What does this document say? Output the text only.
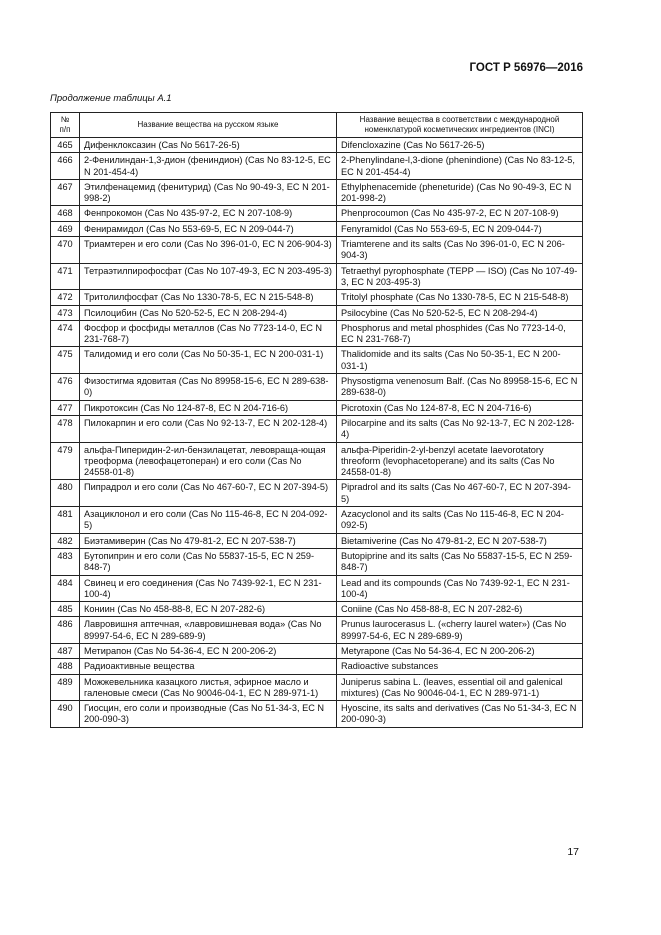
ГОСТ Р 56976—2016
Продолжение таблицы А.1
№
п/п	Название вещества на русском языке	Название вещества в соответствии с международной номенклатурой косметических ингредиентов (INCI)
465	Дифенклоксазин (Cas No 5617-26-5)	Difencloxazine (Cas No 5617-26-5)
466	2-Фенилиндан-1,3-дион (фениндион) (Cas No 83-12-5, EC N 201-454-4)	2-Phenylindane-l,3-dione (phenindione) (Cas No 83-12-5, EC N 201-454-4)
467	Этилфенацемид (фенитурид) (Cas No 90-49-3, EC N 201-998-2)	Ethylphenacemide (pheneturide) (Cas No 90-49-3, EC N 201-998-2)
468	Фенпрокомон (Cas No 435-97-2, EC N 207-108-9)	Phenprocoumon (Cas No 435-97-2, EC N 207-108-9)
469	Фенирамидол (Cas No 553-69-5, EC N 209-044-7)	Fenyramidol (Cas No 553-69-5, EC N 209-044-7)
470	Триамтерен и его соли (Cas No 396-01-0, EC N 206-904-3)	Triamterene and its salts (Cas No 396-01-0, EC N 206-904-3)
471	Тетраэтилпирофосфат (Cas No 107-49-3, EC N 203-495-3)	Tetraethyl pyrophosphate (TEPP — ISO) (Cas No 107-49-3, EC N 203-495-3)
472	Тритолилфосфат (Cas No 1330-78-5, EC N 215-548-8)	Tritolyl phosphate (Cas No 1330-78-5, EC N 215-548-8)
473	Псилоцибин (Cas No 520-52-5, EC N 208-294-4)	Psilocybine (Cas No 520-52-5, EC N 208-294-4)
474	Фосфор и фосфиды металлов (Cas No 7723-14-0, EC N 231-768-7)	Phosphorus and metal phosphides (Cas No 7723-14-0, EC N 231-768-7)
475	Талидомид и его соли (Cas No 50-35-1, EC N 200-031-1)	Thalidomide and its salts (Cas No 50-35-1, EC N 200-031-1)
476	Физостигма ядовитая (Cas No 89958-15-6, EC N 289-638-0)	Physostigma venenosum Balf. (Cas No 89958-15-6, EC N 289-638-0)
477	Пикротоксин (Cas No 124-87-8, EC N 204-716-6)	Picrotoxin (Cas No 124-87-8, EC N 204-716-6)
478	Пилокарпин и его соли (Cas No 92-13-7, EC N 202-128-4)	Pilocarpine and its salts (Cas No 92-13-7, EC N 202-128-4)
479	альфа-Пиперидин-2-ил-бензилацетат, левовраща-ющая треоформа (левофацетоперан) и его соли (Cas No 24558-01-8)	альфа-Piperidin-2-yl-benzyl acetate laevorotatory threoform (levophacetoperane) and its salts (Cas No 24558-01-8)
480	Пипрадрол и его соли (Cas No 467-60-7, EC N 207-394-5)	Pipradrol and its salts (Cas No 467-60-7, EC N 207-394-5)
481	Азациклонол и его соли (Cas No 115-46-8, EC N 204-092-5)	Azacyclonol and its salts (Cas No 115-46-8, EC N 204-092-5)
482	Биэтамиверин (Cas No 479-81-2, EC N 207-538-7)	Bietamiverine (Cas No 479-81-2, EC N 207-538-7)
483	Бутопиприн и его соли (Cas No 55837-15-5, EC N 259-848-7)	Butopiprine and its salts (Cas No 55837-15-5, EC N 259-848-7)
484	Свинец и его соединения (Cas No 7439-92-1, EC N 231-100-4)	Lead and its compounds (Cas No 7439-92-1, EC N 231-100-4)
485	Кониин (Cas No 458-88-8, EC N 207-282-6)	Coniine (Cas No 458-88-8, EC N 207-282-6)
486	Лавровишня аптечная, «лавровишневая вода» (Cas No 89997-54-6, EC N 289-689-9)	Prunus laurocerasus L. («cherry laurel water») (Cas No 89997-54-6, EC N 289-689-9)
487	Метирапон (Cas No 54-36-4, EC N 200-206-2)	Metyrapone (Cas No 54-36-4, EC N 200-206-2)
488	Радиоактивные вещества	Radioactive substances
489	Можжевельника казацкого листья, эфирное масло и галеновые смеси (Cas No 90046-04-1, EC N 289-971-1)	Juniperus sabina L. (leaves, essential oil and galenical mixtures) (Cas No 90046-04-1, EC N 289-971-1)
490	Гиосцин, его соли и производные (Cas No 51-34-3, EC N 200-090-3)	Hyoscine, its salts and derivatives (Cas No 51-34-3, EC N 200-090-3)
17
